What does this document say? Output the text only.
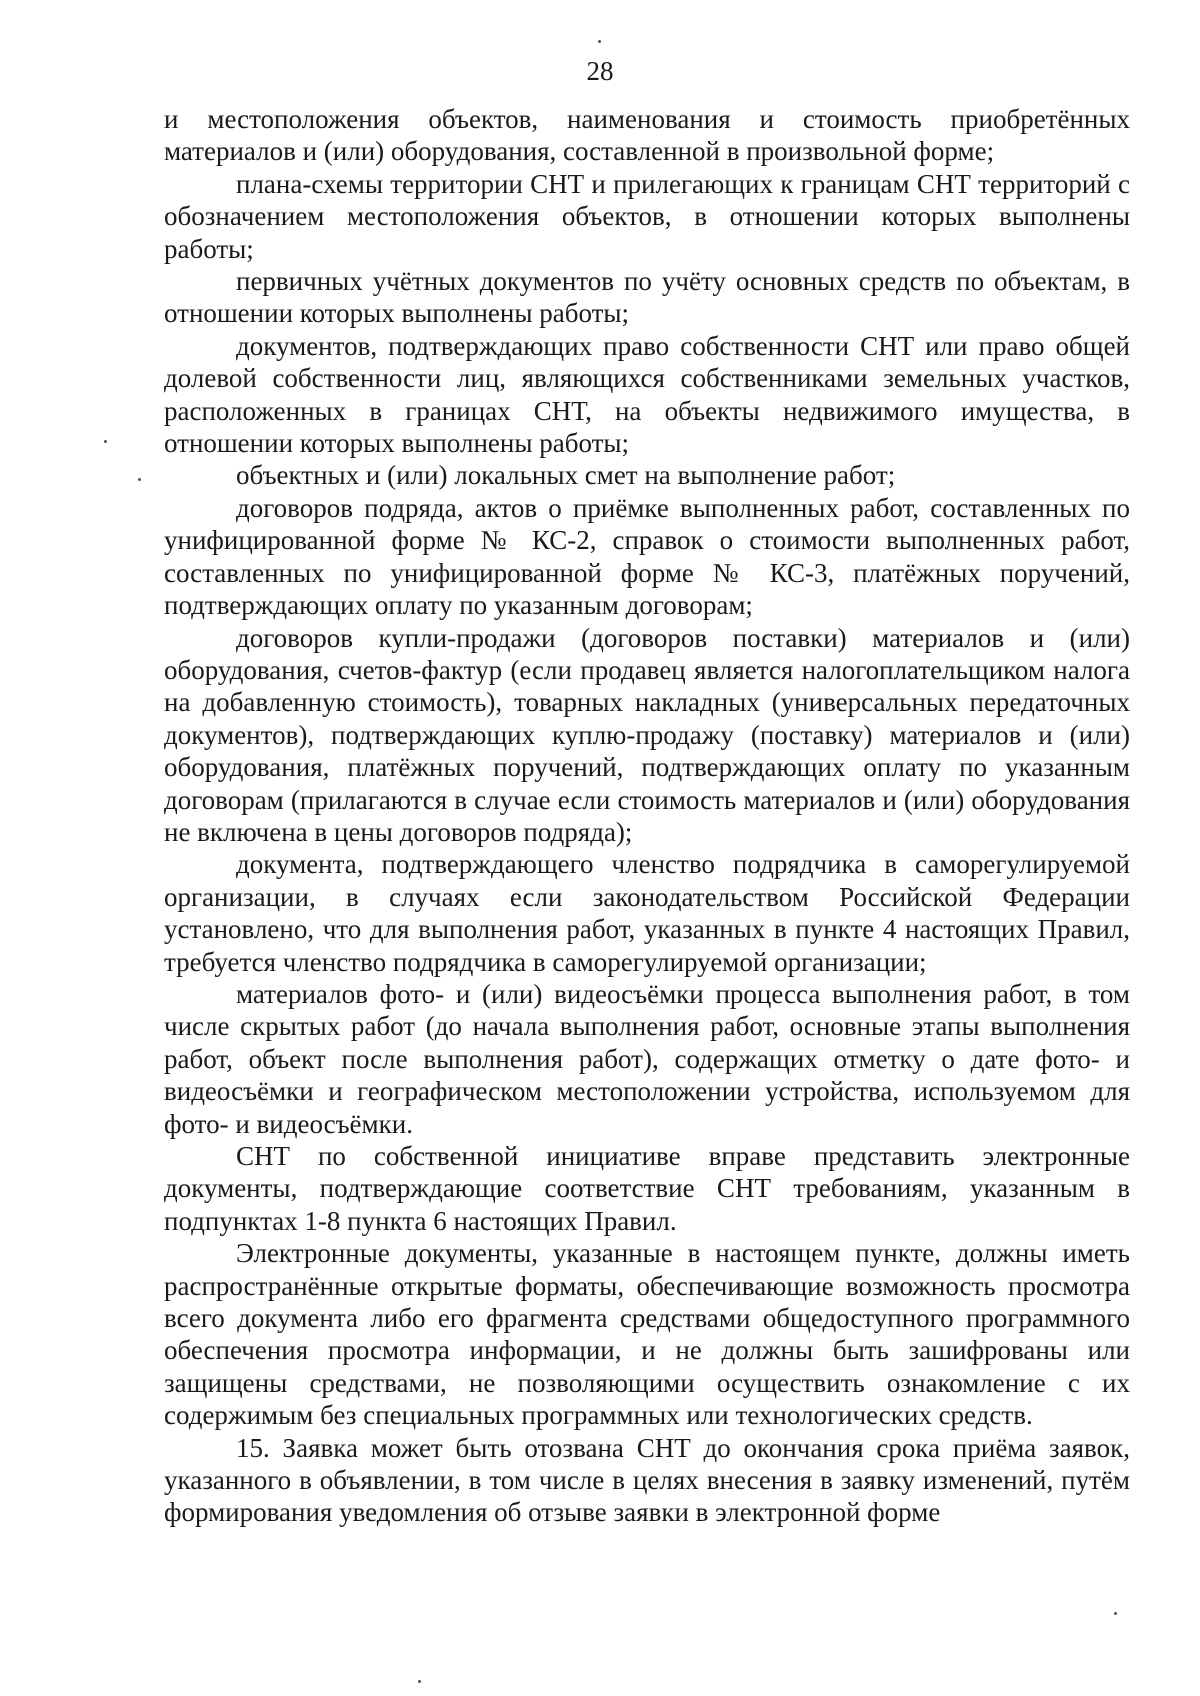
28

и местоположения объектов, наименования и стоимость приобретённых материалов и (или) оборудования, составленной в произвольной форме;

плана-схемы территории СНТ и прилегающих к границам СНТ территорий с обозначением местоположения объектов, в отношении которых выполнены работы;

первичных учётных документов по учёту основных средств по объектам, в отношении которых выполнены работы;

документов, подтверждающих право собственности СНТ или право общей долевой собственности лиц, являющихся собственниками земельных участков, расположенных в границах СНТ, на объекты недвижимого имущества, в отношении которых выполнены работы;

объектных и (или) локальных смет на выполнение работ;

договоров подряда, актов о приёмке выполненных работ, составленных по унифицированной форме № КС-2, справок о стоимости выполненных работ, составленных по унифицированной форме № КС-3, платёжных поручений, подтверждающих оплату по указанным договорам;

договоров купли-продажи (договоров поставки) материалов и (или) оборудования, счетов-фактур (если продавец является налогоплательщиком налога на добавленную стоимость), товарных накладных (универсальных передаточных документов), подтверждающих куплю-продажу (поставку) материалов и (или) оборудования, платёжных поручений, подтверждающих оплату по указанным договорам (прилагаются в случае если стоимость материалов и (или) оборудования не включена в цены договоров подряда);

документа, подтверждающего членство подрядчика в саморегулируемой организации, в случаях если законодательством Российской Федерации установлено, что для выполнения работ, указанных в пункте 4 настоящих Правил, требуется членство подрядчика в саморегулируемой организации;

материалов фото- и (или) видеосъёмки процесса выполнения работ, в том числе скрытых работ (до начала выполнения работ, основные этапы выполнения работ, объект после выполнения работ), содержащих отметку о дате фото- и видеосъёмки и географическом местоположении устройства, используемом для фото- и видеосъёмки.

СНТ по собственной инициативе вправе представить электронные документы, подтверждающие соответствие СНТ требованиям, указанным в подпунктах 1-8 пункта 6 настоящих Правил.

Электронные документы, указанные в настоящем пункте, должны иметь распространённые открытые форматы, обеспечивающие возможность просмотра всего документа либо его фрагмента средствами общедоступного программного обеспечения просмотра информации, и не должны быть зашифрованы или защищены средствами, не позволяющими осуществить ознакомление с их содержимым без специальных программных или технологических средств.

15. Заявка может быть отозвана СНТ до окончания срока приёма заявок, указанного в объявлении, в том числе в целях внесения в заявку изменений, путём формирования уведомления об отзыве заявки в электронной форме
